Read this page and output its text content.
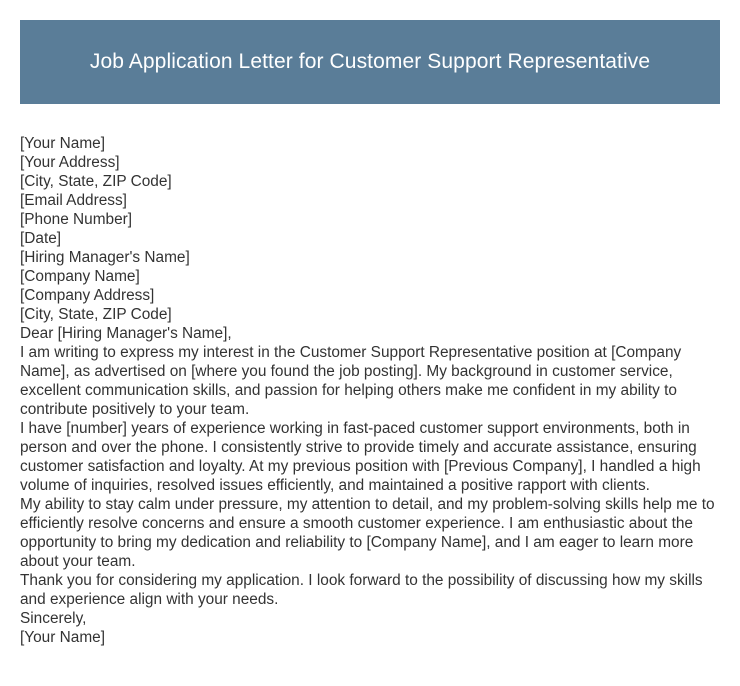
Job Application Letter for Customer Support Representative

[Your Name]

[Your Address]

[City, State, ZIP Code]

[Email Address]

[Phone Number]

[Date]

[Hiring Manager's Name]

[Company Name]

[Company Address]

[City, State, ZIP Code]

Dear [Hiring Manager's Name],

I am writing to express my interest in the Customer Support Representative position at [Company Name], as advertised on [where you found the job posting]. My background in customer service, excellent communication skills, and passion for helping others make me confident in my ability to contribute positively to your team.

I have [number] years of experience working in fast-paced customer support environments, both in person and over the phone. I consistently strive to provide timely and accurate assistance, ensuring customer satisfaction and loyalty. At my previous position with [Previous Company], I handled a high volume of inquiries, resolved issues efficiently, and maintained a positive rapport with clients.

My ability to stay calm under pressure, my attention to detail, and my problem-solving skills help me to efficiently resolve concerns and ensure a smooth customer experience. I am enthusiastic about the opportunity to bring my dedication and reliability to [Company Name], and I am eager to learn more about your team.

Thank you for considering my application. I look forward to the possibility of discussing how my skills and experience align with your needs.

Sincerely,

[Your Name]
